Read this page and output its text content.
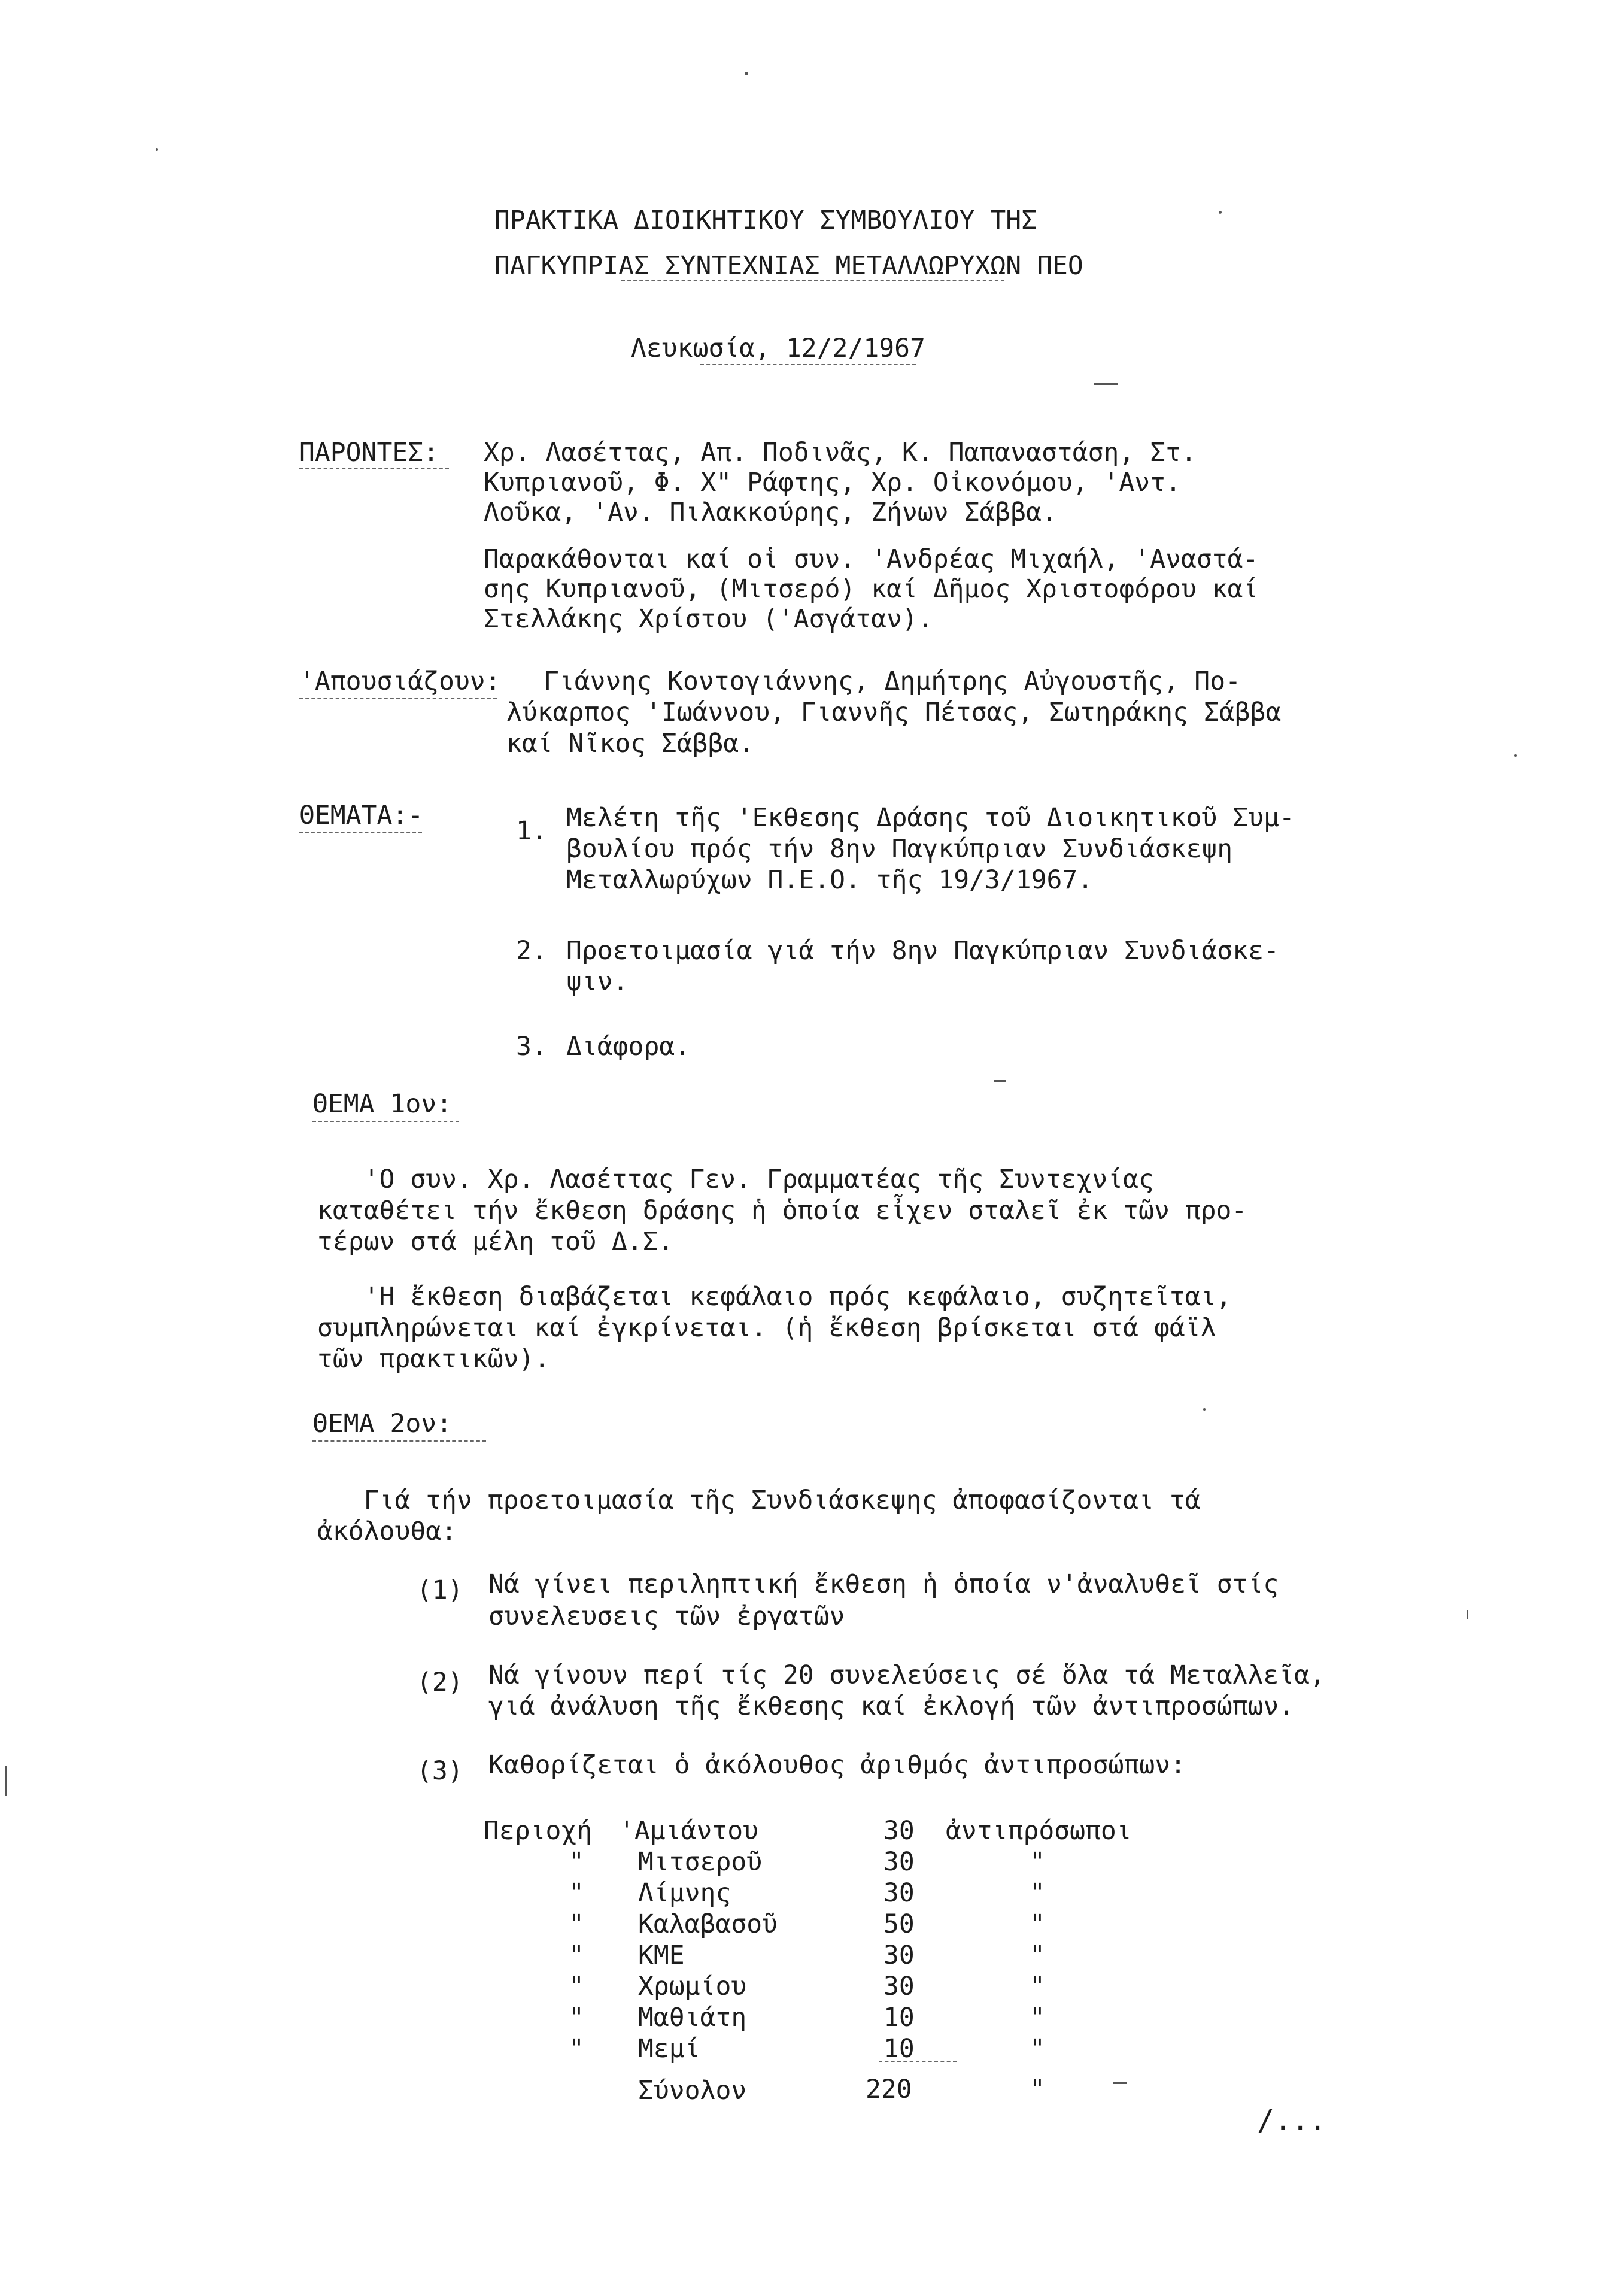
ΠΡΑΚΤΙΚΑ ΔΙΟΙΚΗΤΙΚΟΥ ΣΥΜΒΟΥΛΙΟΥ ΤΗΣ
ΠΑΓΚΥΠΡΙΑΣ ΣΥΝΤΕΧΝΙΑΣ ΜΕΤΑΛΛΩΡΥΧΩΝ ΠΕΟ
Λευκωσία, 12/2/1967
ΠΑΡΟΝΤΕΣ: Χρ. Λασέττας, Απ. Ποδινᾶς, Κ. Παπαναστάση, Στ.
Κυπριανοῦ, Φ. Χ" Ράφτης, Χρ. Οἰκονόμου, 'Αντ.
Λοῦκα, 'Αν. Πιλακκούρης, Ζήνων Σάββα.
Παρακάθονται καί οἱ συν. 'Ανδρέας Μιχαήλ, 'Αναστά-
σης Κυπριανοῦ, (Μιτσερό) καί Δῆμος Χριστοφόρου καί
Στελλάκης Χρίστου ('Ασγάταν).
'Απουσιάζουν: Γιάννης Κοντογιάννης, Δημήτρης Αὐγουστῆς, Πο-
λύκαρπος 'Ιωάννου, Γιαννῆς Πέτσας, Σωτηράκης Σάββα
καί Νῖκος Σάββα.
ΘΕΜΑΤΑ:-
1. Μελέτη τῆς 'Εκθεσης Δράσης τοῦ Διοικητικοῦ Συμ-
βουλίου πρός τήν 8ην Παγκύπριαν Συνδιάσκεψη
Μεταλλωρύχων Π.Ε.Ο. τῆς 19/3/1967.
2. Προετοιμασία γιά τήν 8ην Παγκύπριαν Συνδιάσκε-
ψιν.
3. Διάφορα.
ΘΕΜΑ 1ον:
'Ο συν. Χρ. Λασέττας Γεν. Γραμματέας τῆς Συντεχνίας
καταθέτει τήν ἔκθεση δράσης ἡ ὁποία εἶχεν σταλεῖ ἐκ τῶν προ-
τέρων στά μέλη τοῦ Δ.Σ.
'Η ἔκθεση διαβάζεται κεφάλαιο πρός κεφάλαιο, συζητεῖται,
συμπληρώνεται καί ἐγκρίνεται. (ἡ ἔκθεση βρίσκεται στά φάϊλ
τῶν πρακτικῶν).
ΘΕΜΑ 2ον:
Γιά τήν προετοιμασία τῆς Συνδιάσκεψης ἀποφασίζονται τά
ἀκόλουθα:
(1) Νά γίνει περιληπτική ἔκθεση ἡ ὁποία ν'ἀναλυθεῖ στίς
συνελευσεις τῶν ἐργατῶν
(2) Νά γίνουν περί τίς 20 συνελεύσεις σέ ὅλα τά Μεταλλεῖα,
γιά ἀνάλυση τῆς ἔκθεσης καί ἐκλογή τῶν ἀντιπροσώπων.
(3) Καθορίζεται ὁ ἀκόλουθος ἀριθμός ἀντιπροσώπων:
Περιοχή 'Αμιάντου	30 ἀντιπρόσωποι
" Μιτσεροῦ	30	"
" Λίμνης	30	"
" Καλαβασοῦ	50	"
" ΚΜΕ	30	"
" Χρωμίου	30	"
" Μαθιάτη	10	"
" Μεμί	10	"
Σύνολον	220	"
/...
